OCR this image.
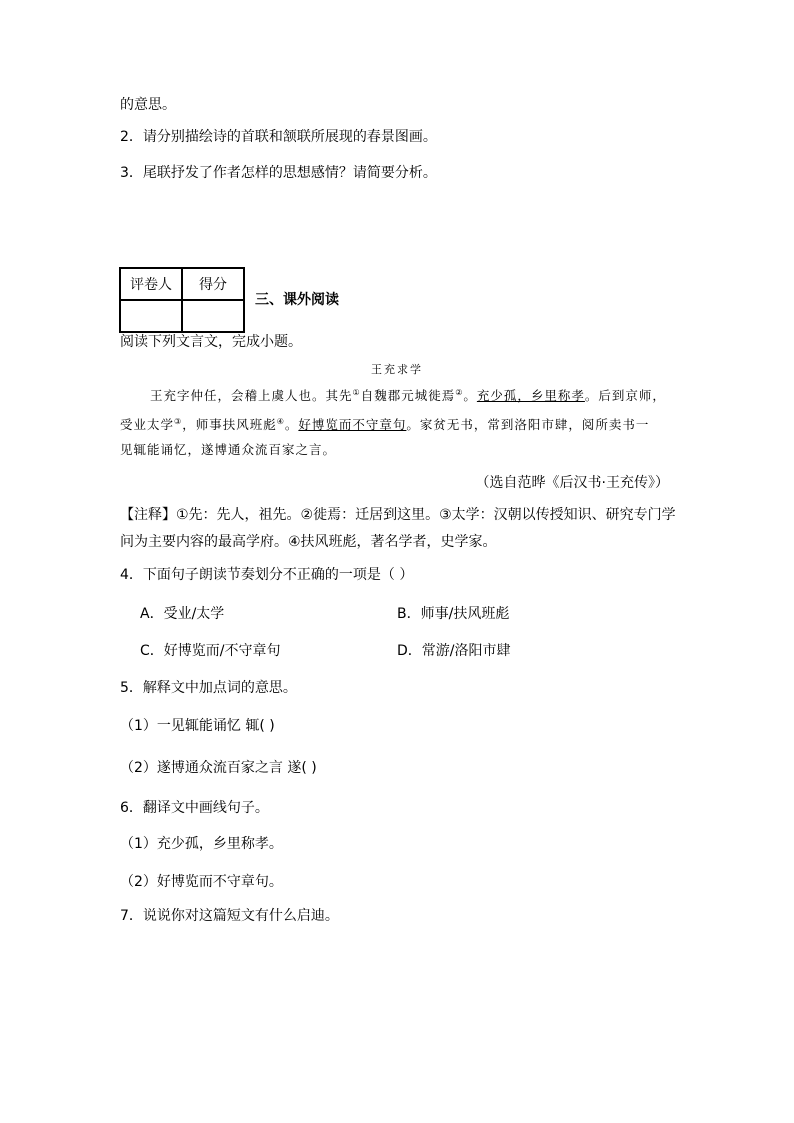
的意思。
2．请分别描绘诗的首联和颔联所展现的春景图画。
3．尾联抒发了作者怎样的思想感情？请简要分析。
评卷人	得分

三、课外阅读
阅读下列文言文，完成小题。
王充求学
王充字仲任，会稽上虞人也。其先①自魏郡元城徙焉②。充少孤，乡里称孝。后到京师，
受业太学③，师事扶风班彪④。好博览而不守章句。家贫无书，常到洛阳市肆，阅所卖书一
见辄能诵忆，遂博通众流百家之言。
（选自范晔《后汉书·王充传》）
【注释】①先：先人，祖先。②徙焉：迁居到这里。③太学：汉朝以传授知识、研究专门学
问为主要内容的最高学府。④扶风班彪，著名学者，史学家。
4．下面句子朗读节奏划分不正确的一项是（ ）
A．受业/太学	B．师事/扶风班彪
C．好博览而/不守章句	D．常游/洛阳市肆
5．解释文中加点词的意思。
（1）一见辄能诵忆 辄( )
（2）遂博通众流百家之言 遂( )
6．翻译文中画线句子。
（1）充少孤，乡里称孝。
（2）好博览而不守章句。
7．说说你对这篇短文有什么启迪。
